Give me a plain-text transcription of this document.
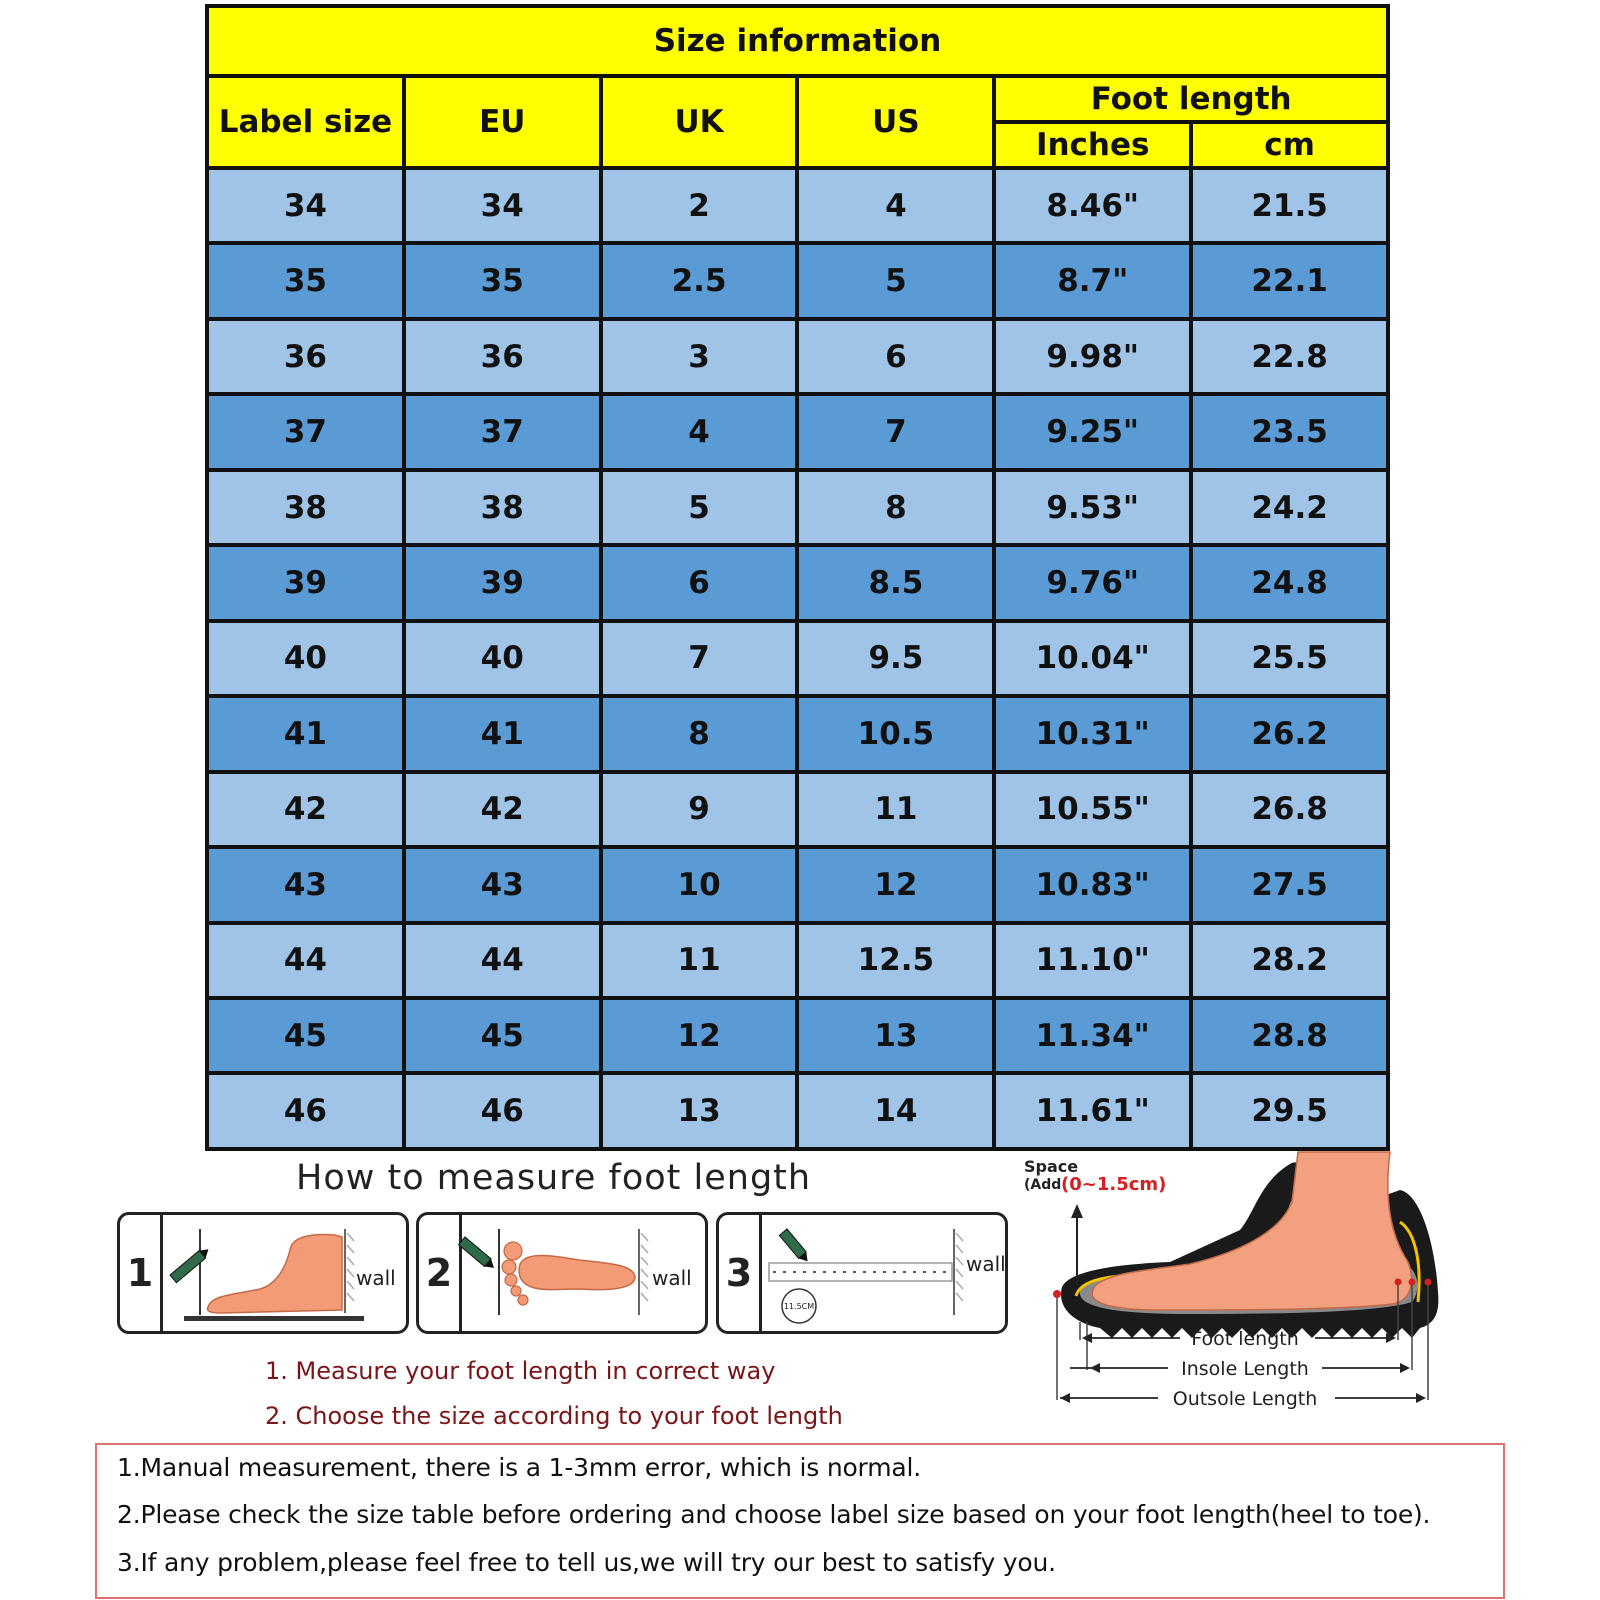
Size information					
Label size	EU	UK	US	Foot length	
				Inches	cm
34	34	2	4	8.46"	21.5
35	35	2.5	5	8.7"	22.1
36	36	3	6	9.98"	22.8
37	37	4	7	9.25"	23.5
38	38	5	8	9.53"	24.2
39	39	6	8.5	9.76"	24.8
40	40	7	9.5	10.04"	25.5
41	41	8	10.5	10.31"	26.2
42	42	9	11	10.55"	26.8
43	43	10	12	10.83"	27.5
44	44	11	12.5	11.10"	28.2
45	45	12	13	11.34"	28.8
46	46	13	14	11.61"	29.5
How to measure foot length
1	wall 2	wall 3
11.5CM
wall
1. Measure your foot length in correct way
2. Choose the size according to your foot length
Space
(Add (0~1.5cm)
Foot length
Insole Length
Outsole Length
1.Manual measurement, there is a 1-3mm error, which is normal.
2.Please check the size table before ordering and choose label size based on your foot length(heel to toe).
3.If any problem,please feel free to tell us,we will try our best to satisfy you.
